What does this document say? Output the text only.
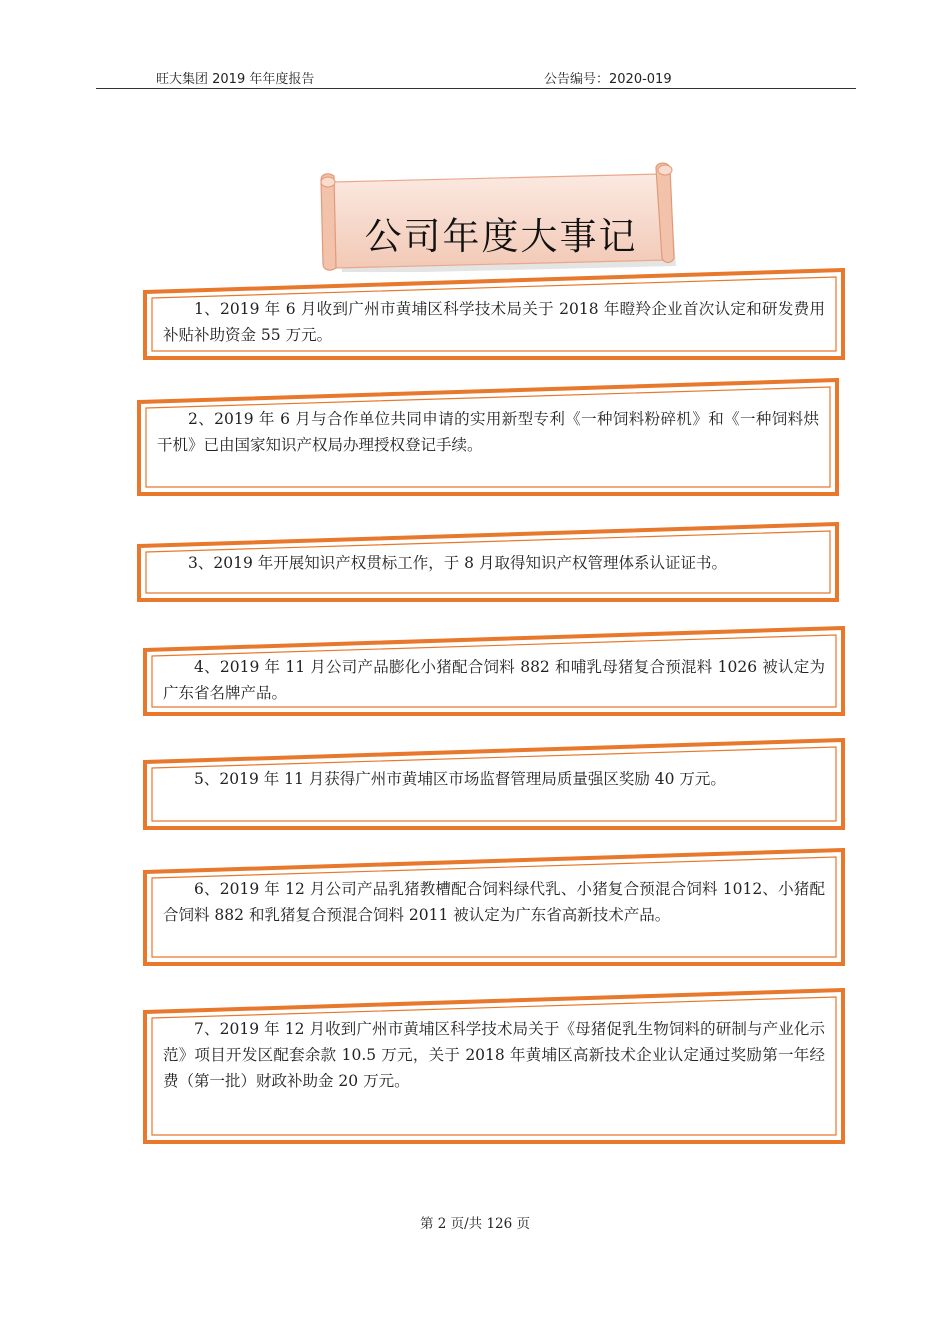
旺大集团 2019 年年度报告	公告编号：2020-019
公司年度大事记
1、2019 年 6 月收到广州市黄埔区科学技术局关于 2018 年瞪羚企业首次认定和研发费用补贴补助资金 55 万元。
2、2019 年 6 月与合作单位共同申请的实用新型专利《一种饲料粉碎机》和《一种饲料烘干机》已由国家知识产权局办理授权登记手续。
3、2019 年开展知识产权贯标工作，于 8 月取得知识产权管理体系认证证书。
4、2019 年 11 月公司产品膨化小猪配合饲料 882 和哺乳母猪复合预混料 1026 被认定为广东省名牌产品。
5、2019 年 11 月获得广州市黄埔区市场监督管理局质量强区奖励 40 万元。
6、2019 年 12 月公司产品乳猪教槽配合饲料绿代乳、小猪复合预混合饲料 1012、小猪配合饲料 882 和乳猪复合预混合饲料 2011 被认定为广东省高新技术产品。
7、2019 年 12 月收到广州市黄埔区科学技术局关于《母猪促乳生物饲料的研制与产业化示范》项目开发区配套余款 10.5 万元，关于 2018 年黄埔区高新技术企业认定通过奖励第一年经费（第一批）财政补助金 20 万元。
第 2 页/共 126 页
